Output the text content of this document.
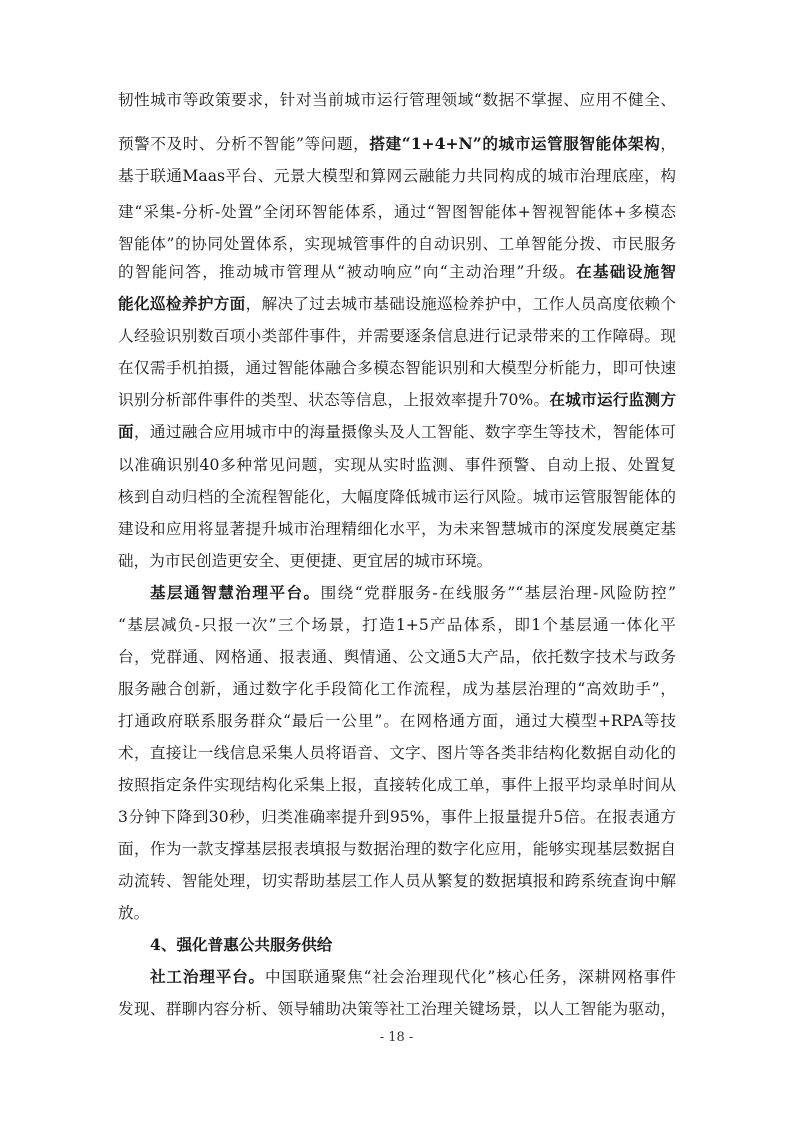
韧性城市等政策要求，针对当前城市运行管理领域“数据不掌握、应用不健全、
预警不及时、分析不智能”等问题，搭建“1+4+N”的城市运管服智能体架构，
基于联通Maas平台、元景大模型和算网云融能力共同构成的城市治理底座，构
建“采集-分析-处置”全闭环智能体系，通过“智图智能体+智视智能体+多模态
智能体”的协同处置体系，实现城管事件的自动识别、工单智能分拨、市民服务
的智能问答，推动城市管理从“被动响应”向“主动治理”升级。在基础设施智
能化巡检养护方面，解决了过去城市基础设施巡检养护中，工作人员高度依赖个
人经验识别数百项小类部件事件，并需要逐条信息进行记录带来的工作障碍。现
在仅需手机拍摄，通过智能体融合多模态智能识别和大模型分析能力，即可快速
识别分析部件事件的类型、状态等信息，上报效率提升70%。在城市运行监测方
面，通过融合应用城市中的海量摄像头及人工智能、数字孪生等技术，智能体可
以准确识别40多种常见问题，实现从实时监测、事件预警、自动上报、处置复
核到自动归档的全流程智能化，大幅度降低城市运行风险。城市运管服智能体的
建设和应用将显著提升城市治理精细化水平，为未来智慧城市的深度发展奠定基
础，为市民创造更安全、更便捷、更宜居的城市环境。
基层通智慧治理平台。围绕“党群服务-在线服务”“基层治理-风险防控”
“基层减负-只报一次”三个场景，打造1+5产品体系，即1个基层通一体化平
台，党群通、网格通、报表通、舆情通、公文通5大产品，依托数字技术与政务
服务融合创新，通过数字化手段简化工作流程，成为基层治理的“高效助手”，
打通政府联系服务群众“最后一公里”。在网格通方面，通过大模型+RPA等技
术，直接让一线信息采集人员将语音、文字、图片等各类非结构化数据自动化的
按照指定条件实现结构化采集上报，直接转化成工单，事件上报平均录单时间从
3分钟下降到30秒，归类准确率提升到95%，事件上报量提升5倍。在报表通方
面，作为一款支撑基层报表填报与数据治理的数字化应用，能够实现基层数据自
动流转、智能处理，切实帮助基层工作人员从繁复的数据填报和跨系统查询中解
放。
4、强化普惠公共服务供给
社工治理平台。中国联通聚焦“社会治理现代化”核心任务，深耕网格事件
发现、群聊内容分析、领导辅助决策等社工治理关键场景，以人工智能为驱动，
- 18 -
